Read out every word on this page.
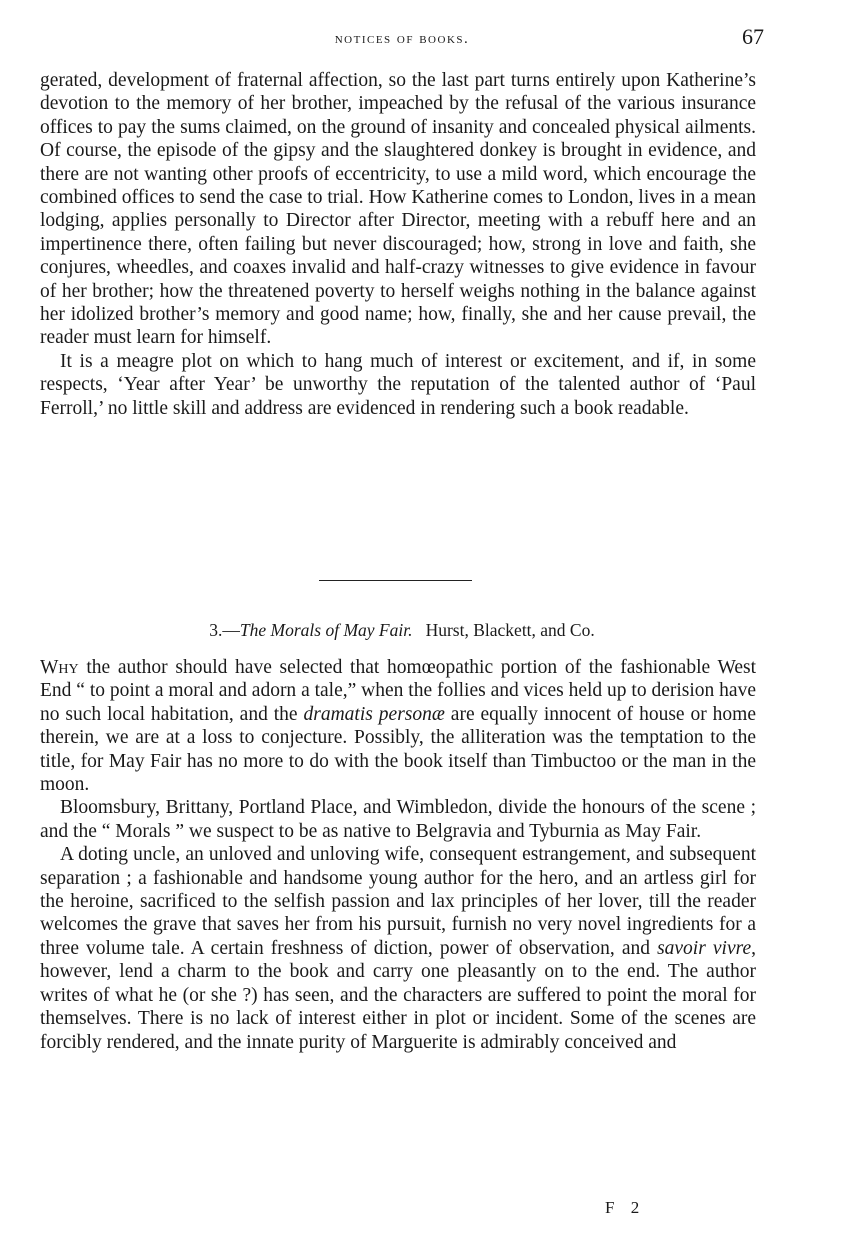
notices of books.	67

gerated, development of fraternal affection, so the last part turns entirely upon Katherine’s devotion to the memory of her brother, impeached by the refusal of the various insurance offices to pay the sums claimed, on the ground of insanity and concealed physical ailments. Of course, the episode of the gipsy and the slaughtered donkey is brought in evidence, and there are not wanting other proofs of eccentricity, to use a mild word, which encourage the combined offices to send the case to trial. How Katherine comes to London, lives in a mean lodging, applies personally to Director after Director, meeting with a rebuff here and an impertinence there, often failing but never discouraged; how, strong in love and faith, she conjures, wheedles, and coaxes invalid and half-crazy witnesses to give evidence in favour of her brother; how the threatened poverty to herself weighs nothing in the balance against her idolized brother’s memory and good name; how, finally, she and her cause prevail, the reader must learn for himself.

It is a meagre plot on which to hang much of interest or excitement, and if, in some respects, ‘Year after Year’ be unworthy the reputation of the talented author of ‘Paul Ferroll,’ no little skill and address are evidenced in rendering such a book readable.

3.—The Morals of May Fair. Hurst, Blackett, and Co.

Why the author should have selected that homœopathic portion of the fashionable West End “ to point a moral and adorn a tale,” when the follies and vices held up to derision have no such local habitation, and the dramatis personæ are equally innocent of house or home therein, we are at a loss to conjecture. Possibly, the alliteration was the temptation to the title, for May Fair has no more to do with the book itself than Timbuctoo or the man in the moon.

Bloomsbury, Brittany, Portland Place, and Wimbledon, divide the honours of the scene ; and the “ Morals ” we suspect to be as native to Belgravia and Tyburnia as May Fair.

A doting uncle, an unloved and unloving wife, consequent estrangement, and subsequent separation ; a fashionable and handsome young author for the hero, and an artless girl for the heroine, sacrificed to the selfish passion and lax principles of her lover, till the reader welcomes the grave that saves her from his pursuit, furnish no very novel ingredients for a three volume tale. A certain freshness of diction, power of observation, and savoir vivre, however, lend a charm to the book and carry one pleasantly on to the end. The author writes of what he (or she ?) has seen, and the characters are suffered to point the moral for themselves. There is no lack of interest either in plot or incident. Some of the scenes are forcibly rendered, and the innate purity of Marguerite is admirably conceived and

F 2
